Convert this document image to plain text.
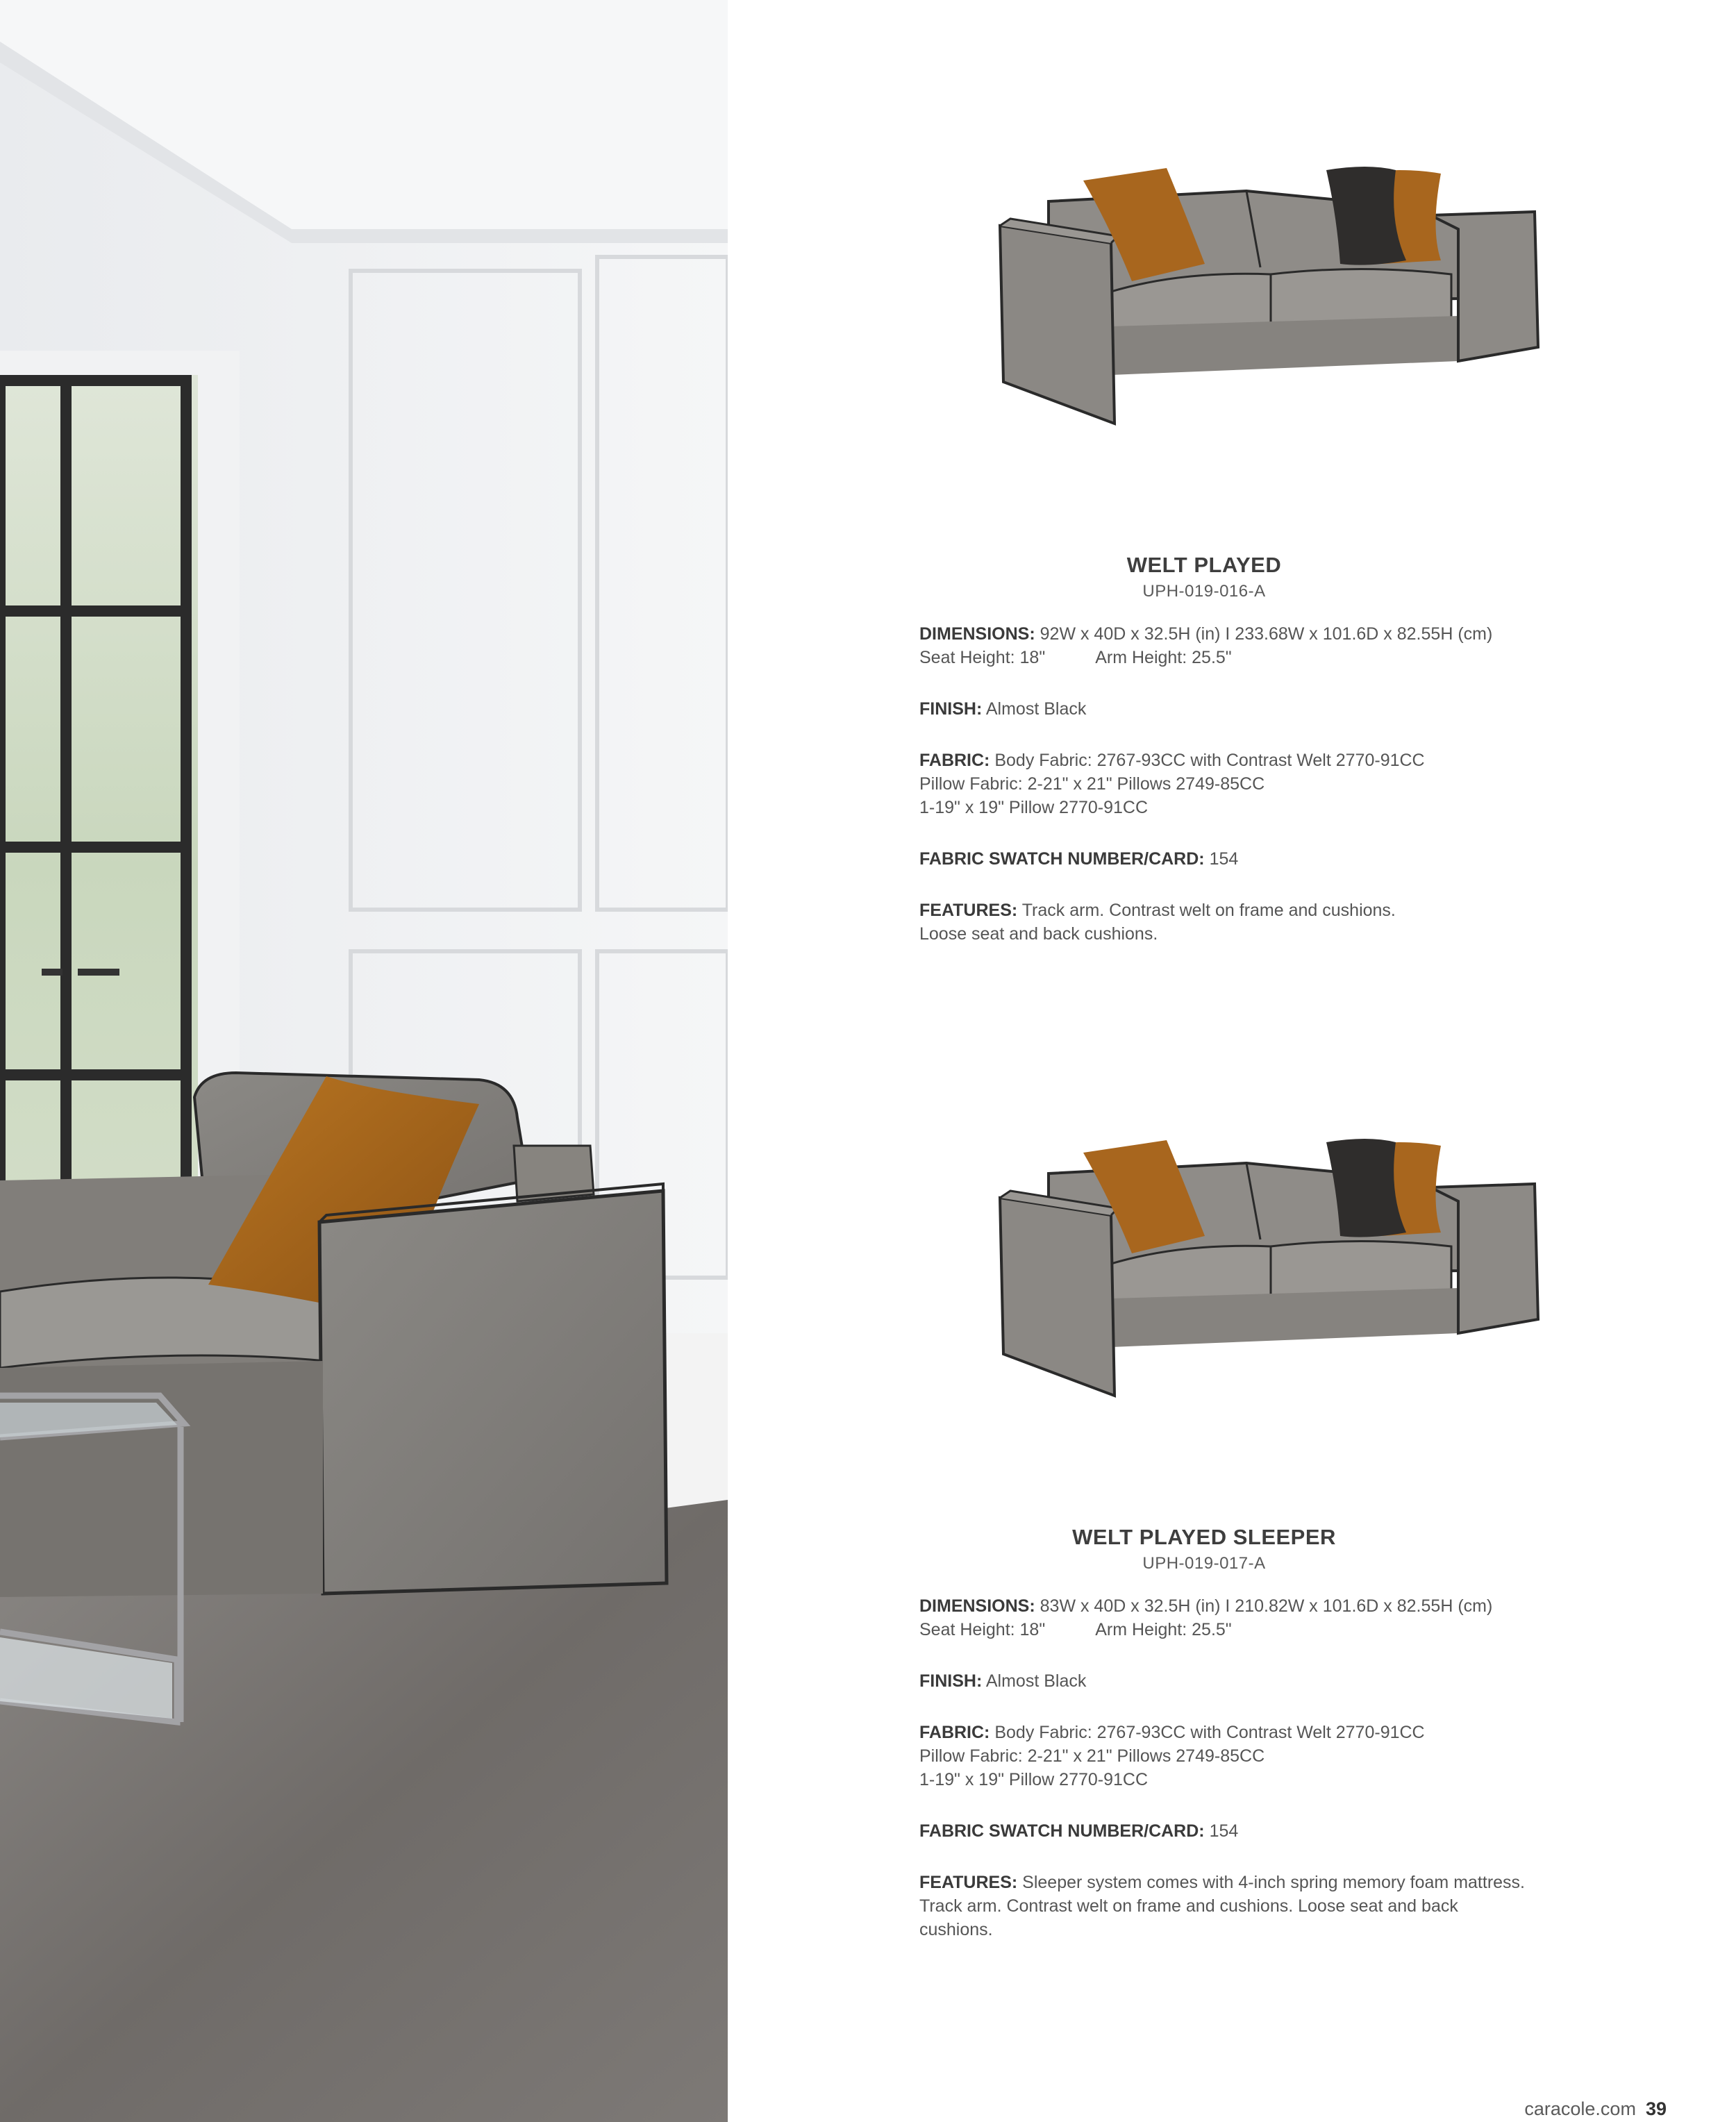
WELT PLAYED
UPH-019-016-A
DIMENSIONS: 92W x 40D x 32.5H (in) I 233.68W x 101.6D x 82.55H (cm)
Seat Height: 18"	Arm Height: 25.5"
FINISH: Almost Black
FABRIC: Body Fabric: 2767-93CC with Contrast Welt 2770-91CC
Pillow Fabric: 2-21" x 21" Pillows 2749-85CC
1-19" x 19" Pillow 2770-91CC
FABRIC SWATCH NUMBER/CARD: 154
FEATURES: Track arm. Contrast welt on frame and cushions.
Loose seat and back cushions.
WELT PLAYED SLEEPER
UPH-019-017-A
DIMENSIONS: 83W x 40D x 32.5H (in) I 210.82W x 101.6D x 82.55H (cm)
Seat Height: 18"	Arm Height: 25.5"
FINISH: Almost Black
FABRIC: Body Fabric: 2767-93CC with Contrast Welt 2770-91CC
Pillow Fabric: 2-21" x 21" Pillows 2749-85CC
1-19" x 19" Pillow 2770-91CC
FABRIC SWATCH NUMBER/CARD: 154
FEATURES: Sleeper system comes with 4-inch spring memory foam mattress.
Track arm. Contrast welt on frame and cushions. Loose seat and back
cushions.
caracole.com 39
